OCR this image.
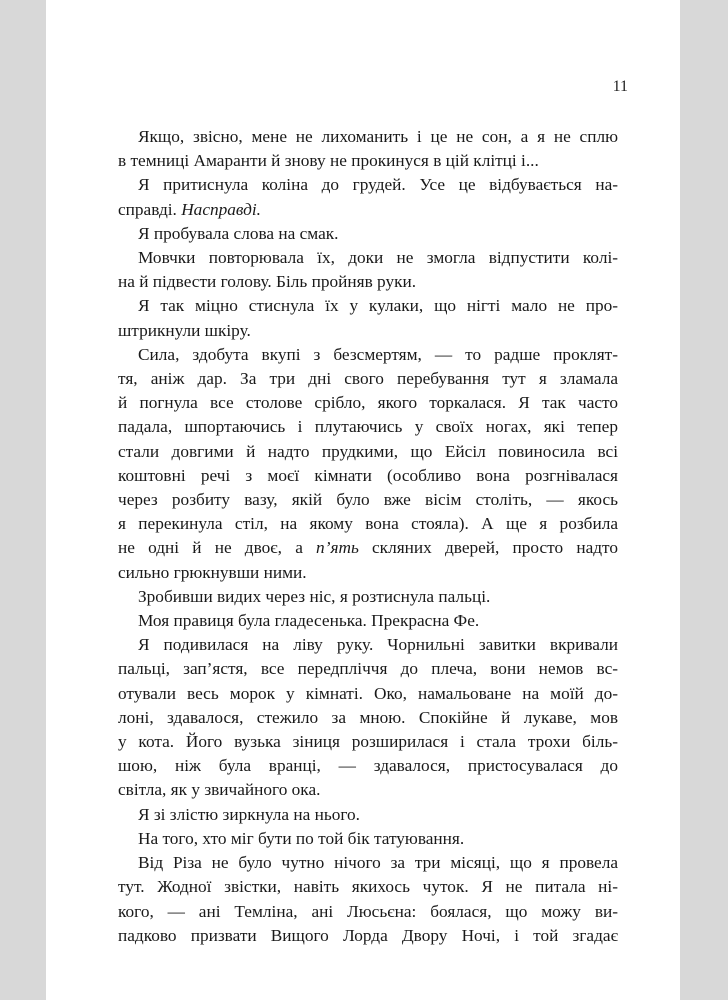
11
Якщо, звісно, мене не лихоманить і це не сон, а я не сплю
в темниці Амаранти й знову не прокинуся в цій клітці і...
Я притиснула коліна до грудей. Усе це відбувається на-
справді. Насправді.
Я пробувала слова на смак.
Мовчки повторювала їх, доки не змогла відпустити колі-
на й підвести голову. Біль пройняв руки.
Я так міцно стиснула їх у кулаки, що нігті мало не про-
штрикнули шкіру.
Сила, здобута вкупі з безсмертям, — то радше проклят-
тя, аніж дар. За три дні свого перебування тут я зламала
й погнула все столове срібло, якого торкалася. Я так часто
падала, шпортаючись і плутаючись у своїх ногах, які тепер
стали довгими й надто прудкими, що Ейсіл повиносила всі
коштовні речі з моєї кімнати (особливо вона розгнівалася
через розбиту вазу, якій було вже вісім століть, — якось
я перекинула стіл, на якому вона стояла). А ще я розбила
не одні й не двоє, а п’ять скляних дверей, просто надто
сильно грюкнувши ними.
Зробивши видих через ніс, я розтиснула пальці.
Моя правиця була гладесенька. Прекрасна Фе.
Я подивилася на ліву руку. Чорнильні завитки вкривали
пальці, зап’ястя, все передпліччя до плеча, вони немов вс-
отували весь морок у кімнаті. Око, намальоване на моїй до-
лоні, здавалося, стежило за мною. Спокійне й лукаве, мов
у кота. Його вузька зіниця розширилася і стала трохи біль-
шою, ніж була вранці, — здавалося, пристосувалася до
світла, як у звичайного ока.
Я зі злістю зиркнула на нього.
На того, хто міг бути по той бік татуювання.
Від Різа не було чутно нічого за три місяці, що я провела
тут. Жодної звістки, навіть якихось чуток. Я не питала ні-
кого, — ані Темліна, ані Люсьєна: боялася, що можу ви-
падково призвати Вищого Лорда Двору Ночі, і той згадає
